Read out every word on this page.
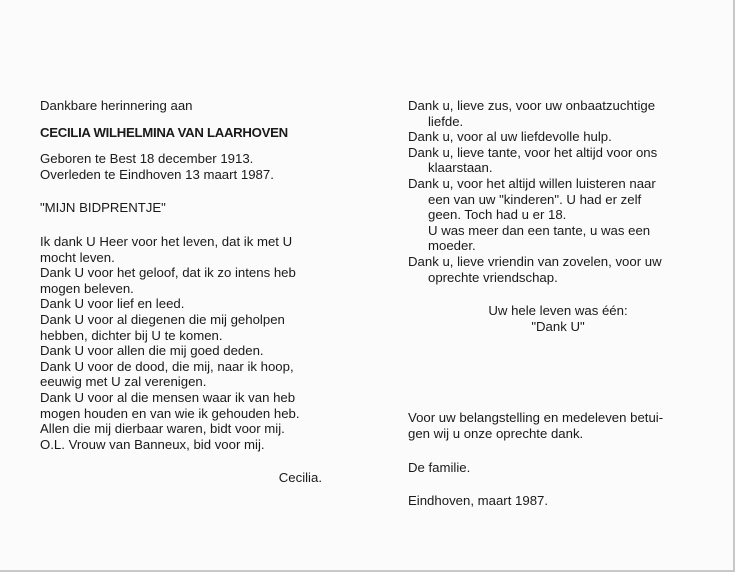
Dankbare herinnering aan
CECILIA WILHELMINA VAN LAARHOVEN
Geboren te Best 18 december 1913.
Overleden te Eindhoven 13 maart 1987.
"MIJN BIDPRENTJE"
Ik dank U Heer voor het leven, dat ik met U
mocht leven.
Dank U voor het geloof, dat ik zo intens heb
mogen beleven.
Dank U voor lief en leed.
Dank U voor al diegenen die mij geholpen
hebben, dichter bij U te komen.
Dank U voor allen die mij goed deden.
Dank U voor de dood, die mij, naar ik hoop,
eeuwig met U zal verenigen.
Dank U voor al die mensen waar ik van heb
mogen houden en van wie ik gehouden heb.
Allen die mij dierbaar waren, bidt voor mij.
O.L. Vrouw van Banneux, bid voor mij.
Cecilia.
Dank u, lieve zus, voor uw onbaatzuchtige
liefde.
Dank u, voor al uw liefdevolle hulp.
Dank u, lieve tante, voor het altijd voor ons
klaarstaan.
Dank u, voor het altijd willen luisteren naar
een van uw "kinderen". U had er zelf
geen. Toch had u er 18.
U was meer dan een tante, u was een
moeder.
Dank u, lieve vriendin van zovelen, voor uw
oprechte vriendschap.
Uw hele leven was één:
"Dank U"
Voor uw belangstelling en medeleven betui-
gen wij u onze oprechte dank.
De familie.
Eindhoven, maart 1987.
